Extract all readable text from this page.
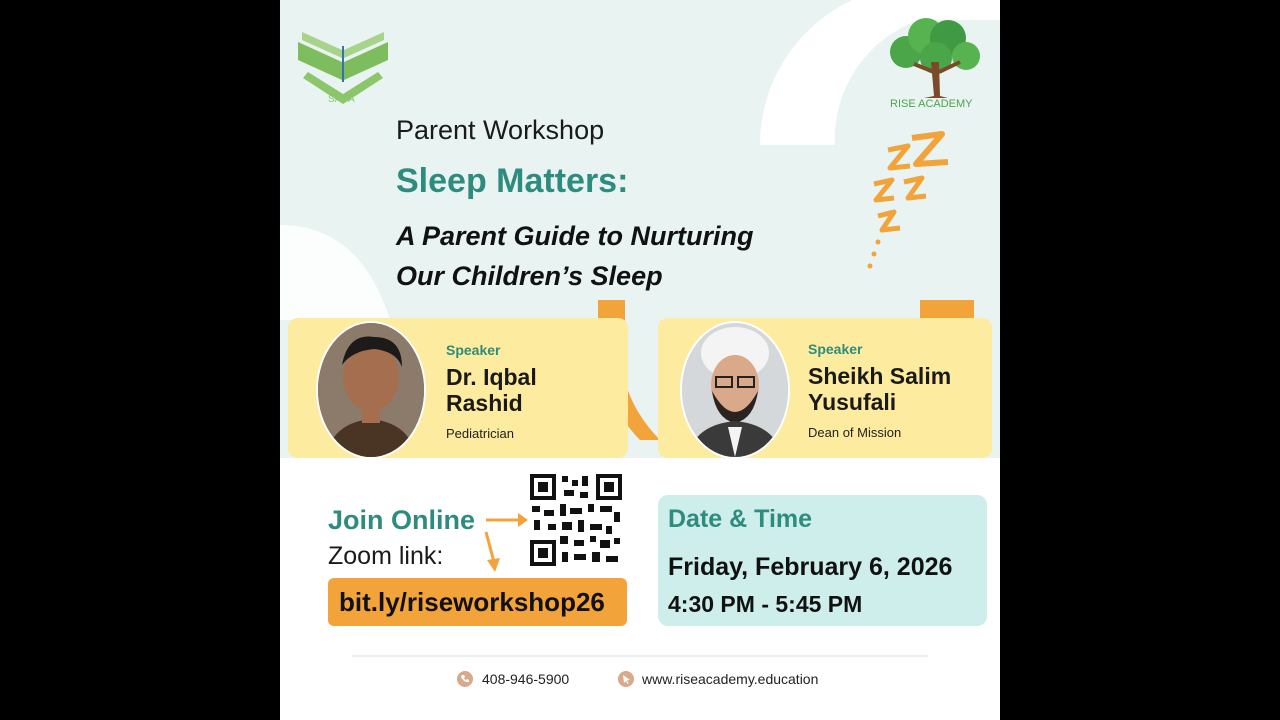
SABA	RISE ACADEMY
Parent Workshop
Sleep Matters:
A Parent Guide to Nurturing
Our Children’s Sleep
Speaker
Dr. Iqbal
Rashid
Pediatrician
Speaker
Sheikh Salim
Yusufali
Dean of Mission
Join Online
Zoom link:
bit.ly/riseworkshop26
Date & Time
Friday, February 6, 2026
4:30 PM - 5:45 PM
408-946-5900	www.riseacademy.education
